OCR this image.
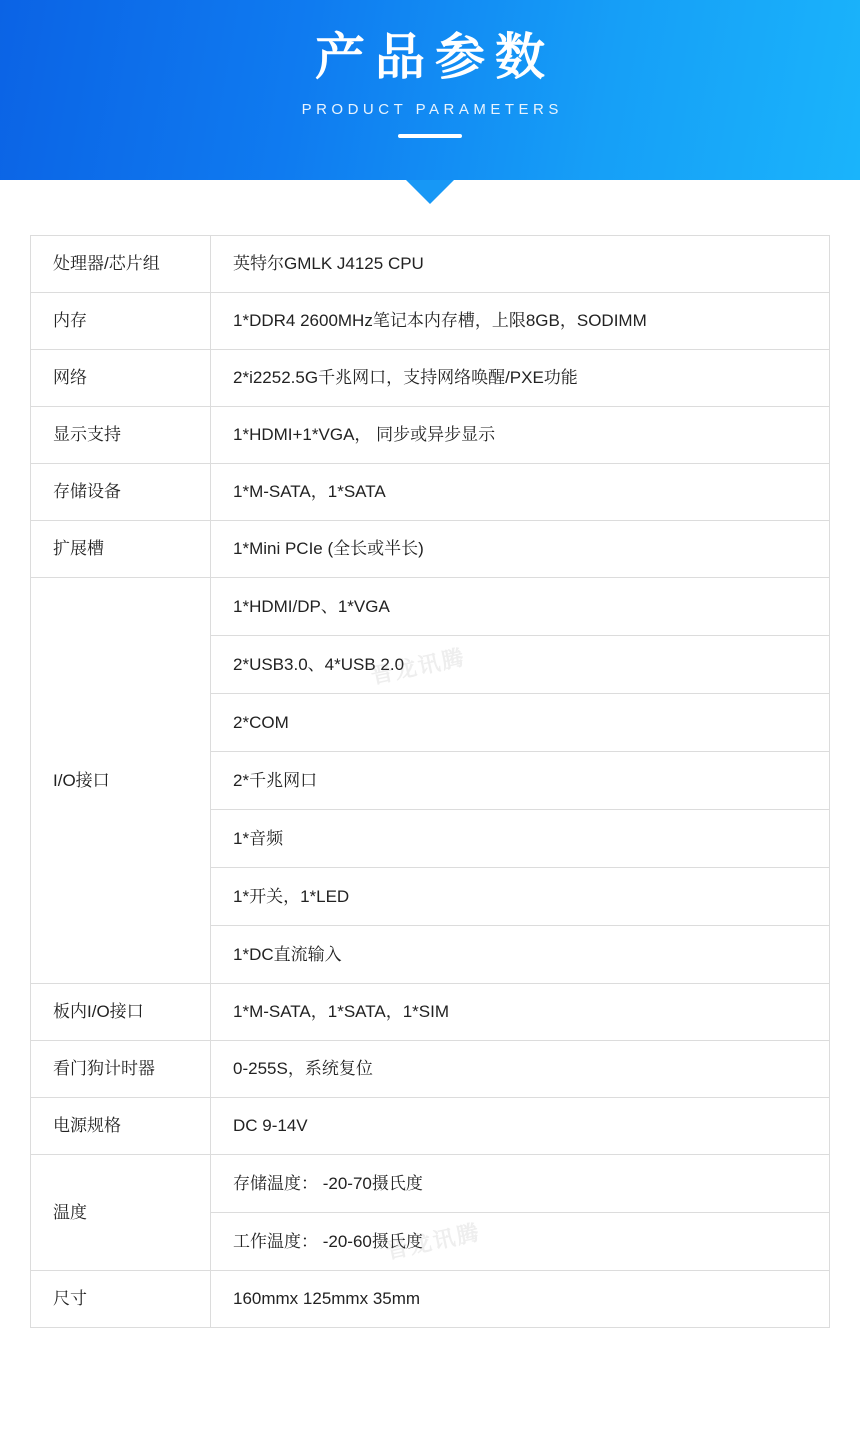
产品参数
PRODUCT PARAMETERS
处理器/芯片组	英特尔GMLK J4125 CPU
内存	1*DDR4 2600MHz笔记本内存槽，上限8GB，SODIMM
网络	2*i2252.5G千兆网口，支持网络唤醒/PXE功能
显示支持	1*HDMI+1*VGA， 同步或异步显示
存储设备	1*M-SATA，1*SATA
扩展槽	1*Mini PCIe (全长或半长)
I/O接口	1*HDMI/DP、1*VGA
	2*USB3.0、4*USB 2.0
	2*COM
	2*千兆网口
	1*音频
	1*开关，1*LED
	1*DC直流输入
板内I/O接口	1*M-SATA，1*SATA，1*SIM
看门狗计时器	0-255S，系统复位
电源规格	DC 9-14V
温度	存储温度： -20-70摄氏度
	工作温度： -20-60摄氏度
尺寸	160mmx 125mmx 35mm
晋龙讯腾
晋龙讯腾
